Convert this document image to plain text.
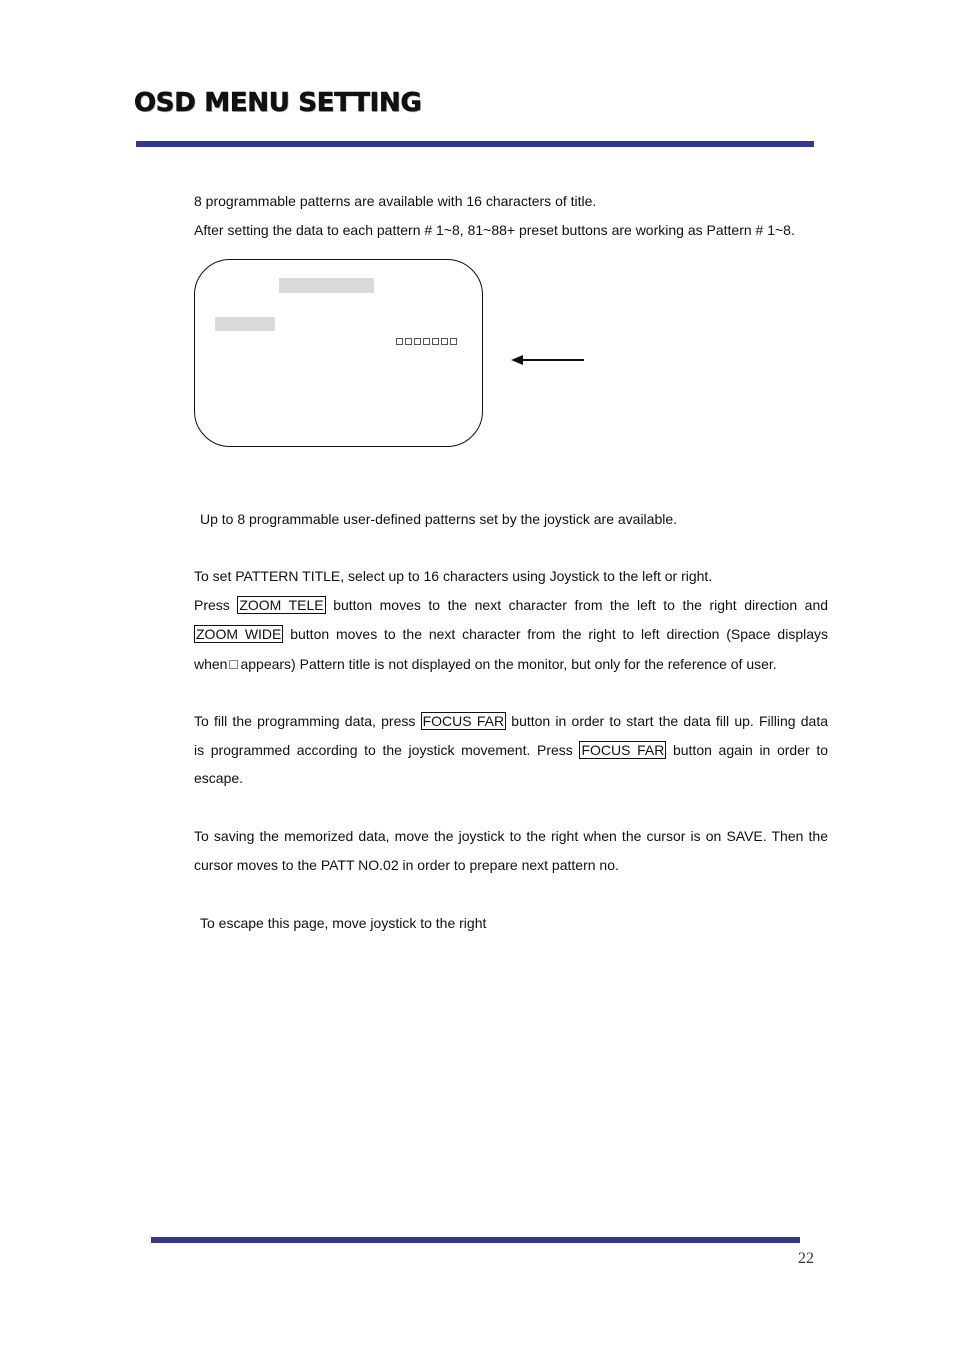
OSD MENU SETTING
8 programmable patterns are available with 16 characters of title.
After setting the data to each pattern # 1~8, 81~88+ preset buttons are working as Pattern # 1~8.
Up to 8 programmable user-defined patterns set by the joystick are available.
To set PATTERN TITLE, select up to 16 characters using Joystick to the left or right.
Press ZOOM TELE button moves to the next character from the left to the right direction and
ZOOM WIDE button moves to the next character from the right to left direction (Space displays
when appears) Pattern title is not displayed on the monitor, but only for the reference of user.
To fill the programming data, press FOCUS FAR button in order to start the data fill up. Filling data
is programmed according to the joystick movement. Press FOCUS FAR button again in order to
escape.
To saving the memorized data, move the joystick to the right when the cursor is on SAVE. Then the
cursor moves to the PATT NO.02 in order to prepare next pattern no.
To escape this page, move joystick to the right
22
